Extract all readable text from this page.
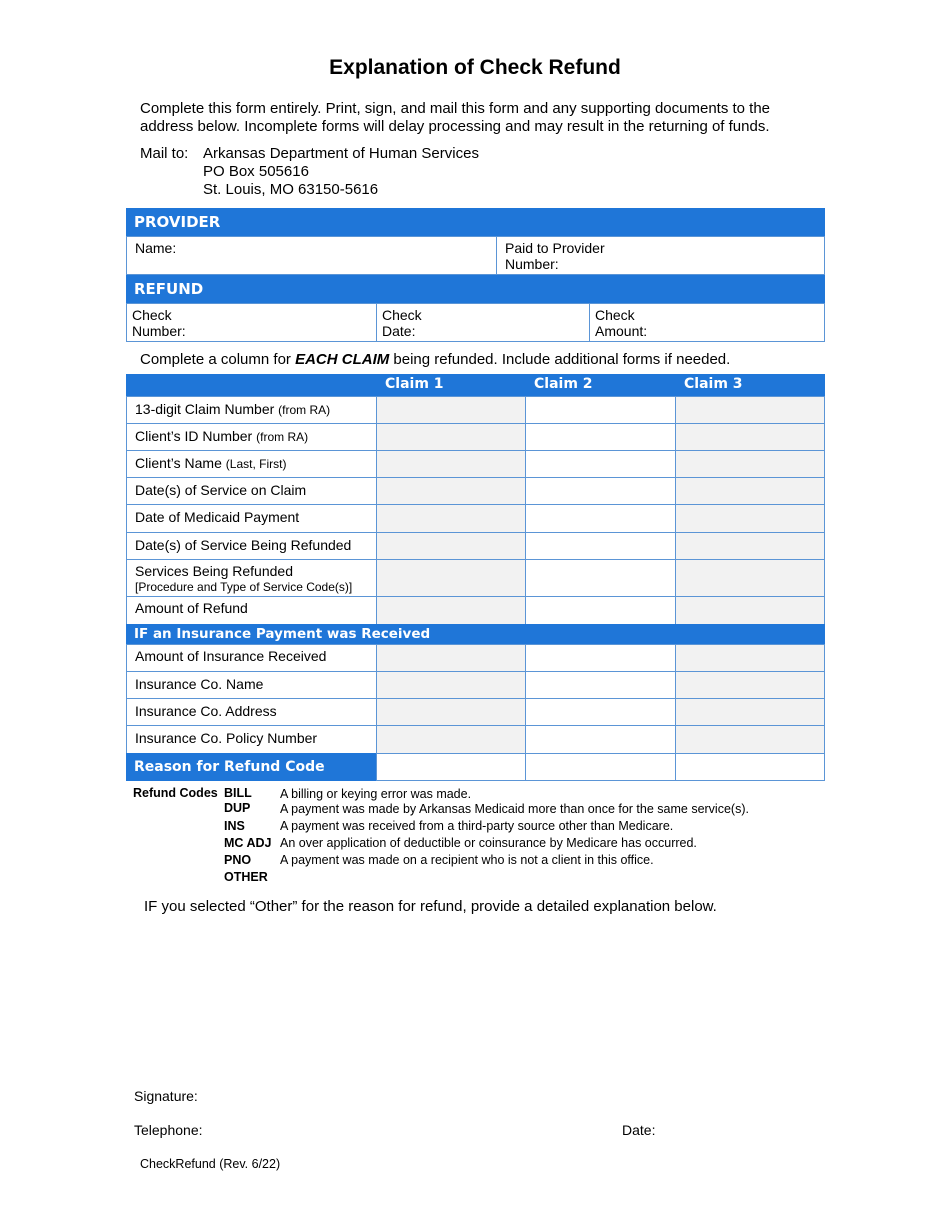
Explanation of Check Refund
Complete this form entirely. Print, sign, and mail this form and any supporting documents to the
address below. Incomplete forms will delay processing and may result in the returning of funds.
Mail to: Arkansas Department of Human Services
PO Box 505616
St. Louis, MO 63150-5616
PROVIDER
Name:	Paid to Provider
Number:
REFUND
Check
Number:
Check
Date:
Check
Amount:
Complete a column for EACH CLAIM being refunded. Include additional forms if needed.
Claim 1	Claim 2	Claim 3
13-digit Claim Number (from RA)
Client’s ID Number (from RA)
Client’s Name (Last, First)
Date(s) of Service on Claim
Date of Medicaid Payment
Date(s) of Service Being Refunded
Services Being Refunded
[Procedure and Type of Service Code(s)]
Amount of Refund
IF an Insurance Payment was Received
Amount of Insurance Received
Insurance Co. Name
Insurance Co. Address
Insurance Co. Policy Number
Reason for Refund Code
Refund Codes BILL A billing or keying error was made.
DUP A payment was made by Arkansas Medicaid more than once for the same service(s).
INS	A payment was received from a third-party source other than Medicare.
MC ADJ An over application of deductible or coinsurance by Medicare has occurred.
PNO A payment was made on a recipient who is not a client in this office.
OTHER
IF you selected “Other” for the reason for refund, provide a detailed explanation below.
Signature:
Telephone:	Date:
CheckRefund (Rev. 6/22)
